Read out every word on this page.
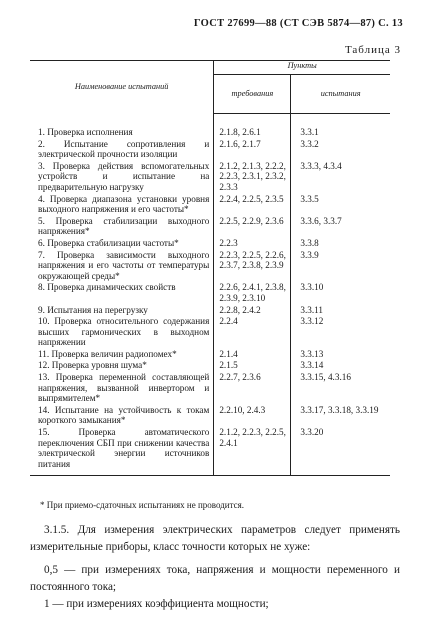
ГОСТ 27699—88 (СТ СЭВ 5874—87) С. 13
Таблица 3
Наименование испытаний	Пункты	
	требования	испытания
1. Проверка исполнения	2.1.8, 2.6.1	3.3.1
2. Испытание сопротивления и электрической прочности изоляции	2.1.6, 2.1.7	3.3.2
3. Проверка действия вспомогательных устройств и испытание на предварительную нагрузку	2.1.2, 2.1.3, 2.2.2, 2.2.3, 2.3.1, 2.3.2, 2.3.3	3.3.3, 4.3.4
4. Проверка диапазона установки уровня выходного напряжения и его частоты*	2.2.4, 2.2.5, 2.3.5	3.3.5
5. Проверка стабилизации выходного напряжения*	2.2.5, 2.2.9, 2.3.6	3.3.6, 3.3.7
6. Проверка стабилизации частоты*	2.2.3	3.3.8
7. Проверка зависимости выходного напряжения и его частоты от температуры окружающей среды*	2.2.3, 2.2.5, 2.2.6, 2.3.7, 2.3.8, 2.3.9	3.3.9
8. Проверка динамических свойств	2.2.6, 2.4.1, 2.3.8, 2.3.9, 2.3.10	3.3.10
9. Испытания на перегрузку	2.2.8, 2.4.2	3.3.11
10. Проверка относительного содержания высших гармонических в выходном напряжении	2.2.4	3.3.12
11. Проверка величин радиопомех*	2.1.4	3.3.13
12. Проверка уровня шума*	2.1.5	3.3.14
13. Проверка переменной составляющей напряжения, вызванной инвертором и выпрямителем*	2.2.7, 2.3.6	3.3.15, 4.3.16
14. Испытание на устойчивость к токам короткого замыкания*	2.2.10, 2.4.3	3.3.17, 3.3.18, 3.3.19
15. Проверка автоматического переключения СБП при снижении качества электрической энергии источников питания	2.1.2, 2.2.3, 2.2.5, 2.4.1	3.3.20
* При приемо-сдаточных испытаниях не проводится.
3.1.5. Для измерения электрических параметров следует применять измерительные приборы, класс точности которых не хуже:
0,5 — при измерениях тока, напряжения и мощности переменного и постоянного тока;
1 — при измерениях коэффициента мощности;
